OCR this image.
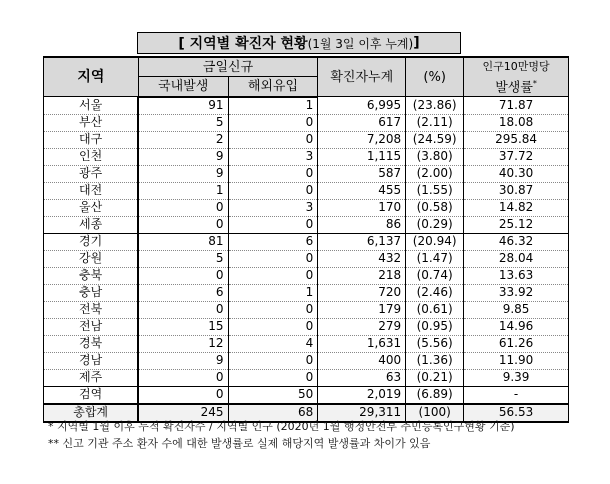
[ 지역별 확진자 현황 (1월 3일 이후 누계) ]
지역	금일신규		확진자누계	(%)	인구10만명당
발생률*
	국내발생	해외유입			
서울	91	1	6,995	(23.86)	71.87
부산	5	0	617	(2.11)	18.08
대구	2	0	7,208	(24.59)	295.84
인천	9	3	1,115	(3.80)	37.72
광주	9	0	587	(2.00)	40.30
대전	1	0	455	(1.55)	30.87
울산	0	3	170	(0.58)	14.82
세종	0	0	86	(0.29)	25.12
경기	81	6	6,137	(20.94)	46.32
강원	5	0	432	(1.47)	28.04
충북	0	0	218	(0.74)	13.63
충남	6	1	720	(2.46)	33.92
전북	0	0	179	(0.61)	9.85
전남	15	0	279	(0.95)	14.96
경북	12	4	1,631	(5.56)	61.26
경남	9	0	400	(1.36)	11.90
제주	0	0	63	(0.21)	9.39
검역	0	50	2,019	(6.89)	-
총합계	245	68	29,311	(100)	56.53
* 지역별 1월 이후 누적 확진자수 / 지역별 인구 (2020년 1월 행정안전부 주민등록인구현황 기준)
** 신고 기관 주소 환자 수에 대한 발생률로 실제 해당지역 발생률과 차이가 있음
